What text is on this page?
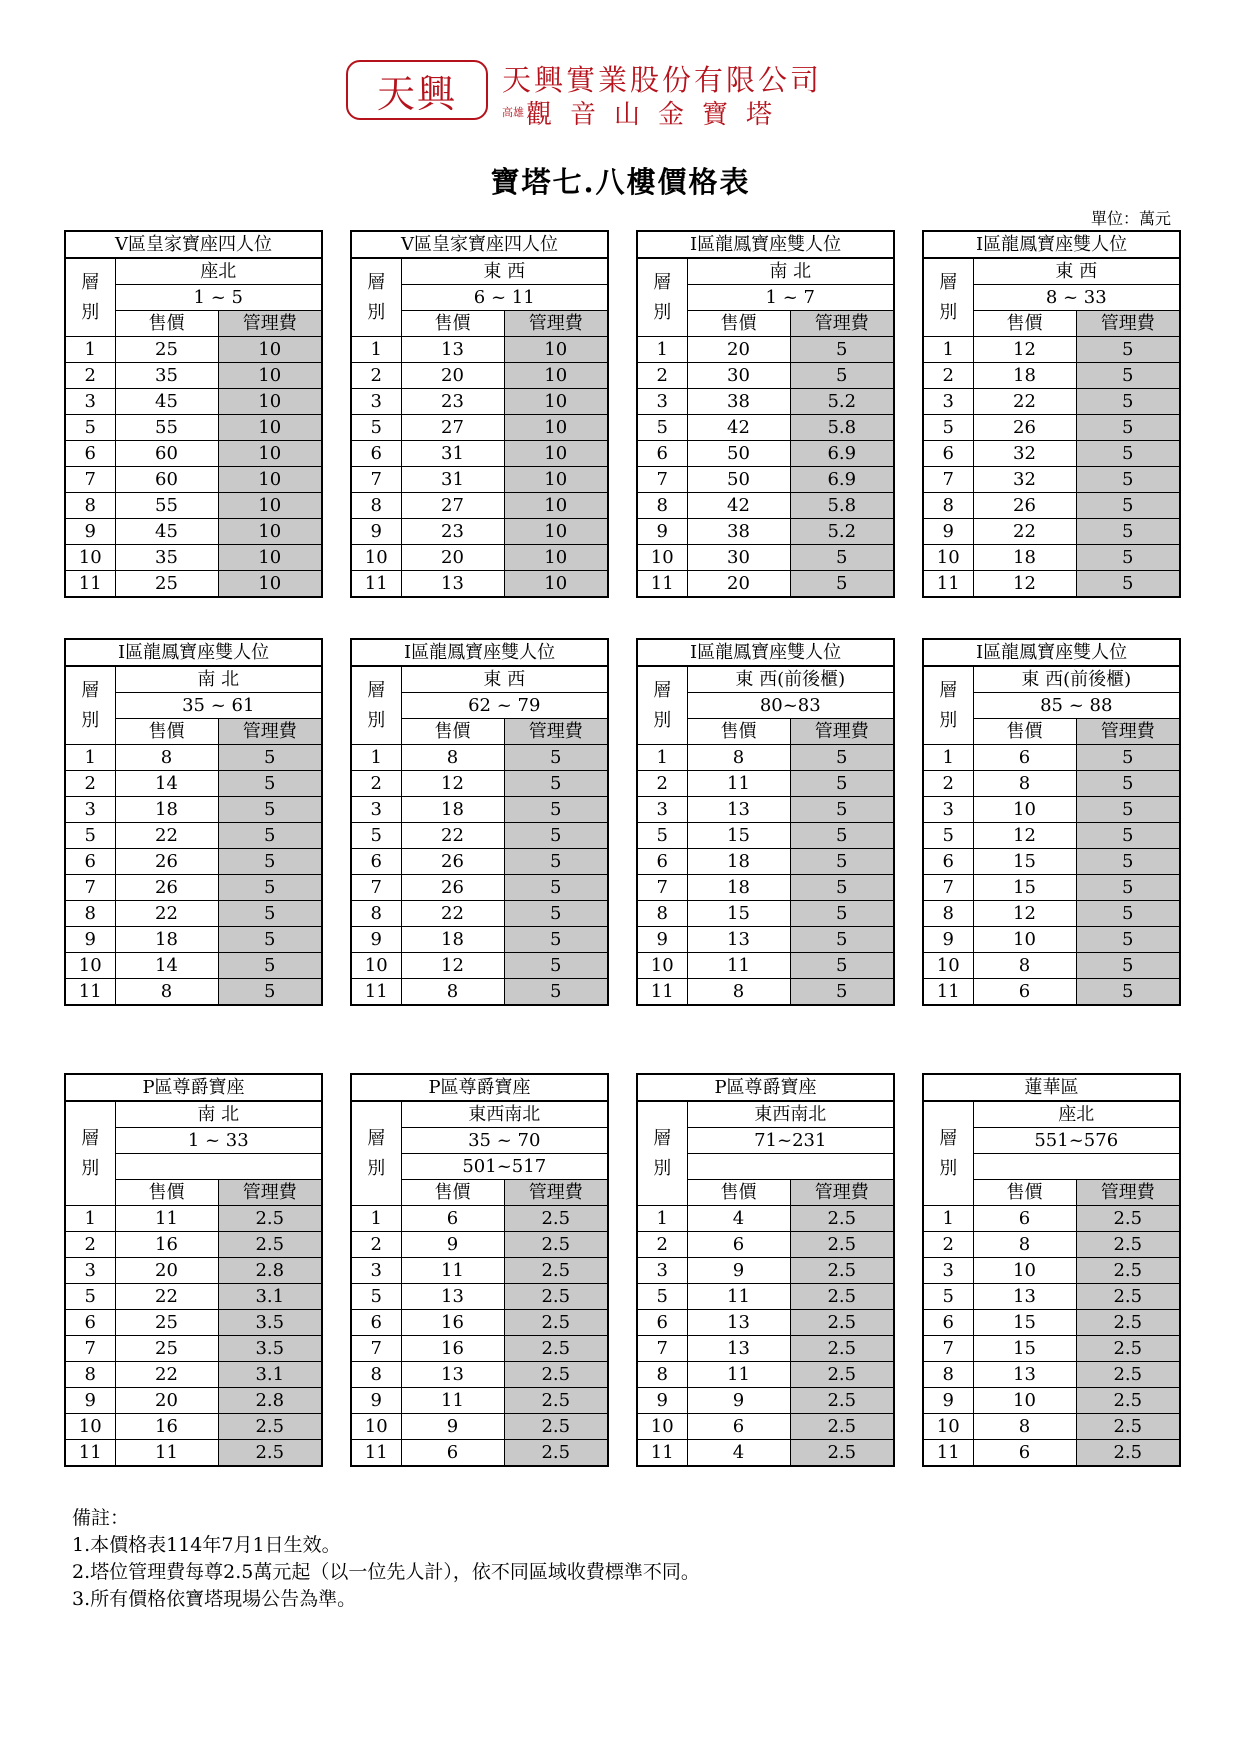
天興	天興實業股份有限公司
高雄 觀音山金寶塔
寶塔七.八樓價格表
單位：萬元
V區皇家寶座四人位		

層
別	座北	
	1 ~ 5	
	售價	管理費
1	25	10
2	35	10
3	45	10
5	55	10
6	60	10
7	60	10
8	55	10
9	45	10
10	35	10
11	25	10
V區皇家寶座四人位		

層
別	東 西	
	6 ~ 11	
	售價	管理費
1	13	10
2	20	10
3	23	10
5	27	10
6	31	10
7	31	10
8	27	10
9	23	10
10	20	10
11	13	10
I區龍鳳寶座雙人位		

層
別	南 北	
	1 ~ 7	
	售價	管理費
1	20	5
2	30	5
3	38	5.2
5	42	5.8
6	50	6.9
7	50	6.9
8	42	5.8
9	38	5.2
10	30	5
11	20	5
I區龍鳳寶座雙人位		

層
別	東 西	
	8 ~ 33	
	售價	管理費
1	12	5
2	18	5
3	22	5
5	26	5
6	32	5
7	32	5
8	26	5
9	22	5
10	18	5
11	12	5
I區龍鳳寶座雙人位		

層
別	南 北	
	35 ~ 61	
	售價	管理費
1	8	5
2	14	5
3	18	5
5	22	5
6	26	5
7	26	5
8	22	5
9	18	5
10	14	5
11	8	5
I區龍鳳寶座雙人位		

層
別	東 西	
	62 ~ 79	
	售價	管理費
1	8	5
2	12	5
3	18	5
5	22	5
6	26	5
7	26	5
8	22	5
9	18	5
10	12	5
11	8	5
I區龍鳳寶座雙人位		

層
別	東 西(前後櫃)	
	80~83	
	售價	管理費
1	8	5
2	11	5
3	13	5
5	15	5
6	18	5
7	18	5
8	15	5
9	13	5
10	11	5
11	8	5
I區龍鳳寶座雙人位		

層
別	東 西(前後櫃)	
	85 ~ 88	
	售價	管理費
1	6	5
2	8	5
3	10	5
5	12	5
6	15	5
7	15	5
8	12	5
9	10	5
10	8	5
11	6	5
P區尊爵寶座		

層
別	南 北	
	1 ~ 33	

	售價	管理費
1	11	2.5
2	16	2.5
3	20	2.8
5	22	3.1
6	25	3.5
7	25	3.5
8	22	3.1
9	20	2.8
10	16	2.5
11	11	2.5
P區尊爵寶座		

層
別	東西南北	
	35 ~ 70	
	501~517	
	售價	管理費
1	6	2.5
2	9	2.5
3	11	2.5
5	13	2.5
6	16	2.5
7	16	2.5
8	13	2.5
9	11	2.5
10	9	2.5
11	6	2.5
P區尊爵寶座		

層
別	東西南北	
	71~231	

	售價	管理費
1	4	2.5
2	6	2.5
3	9	2.5
5	11	2.5
6	13	2.5
7	13	2.5
8	11	2.5
9	9	2.5
10	6	2.5
11	4	2.5
蓮華區		

層
別	座北	
	551~576	

	售價	管理費
1	6	2.5
2	8	2.5
3	10	2.5
5	13	2.5
6	15	2.5
7	15	2.5
8	13	2.5
9	10	2.5
10	8	2.5
11	6	2.5
備註：
1.本價格表114年7月1日生效。
2.塔位管理費每尊2.5萬元起（以一位先人計），依不同區域收費標準不同。
3.所有價格依寶塔現場公告為準。
